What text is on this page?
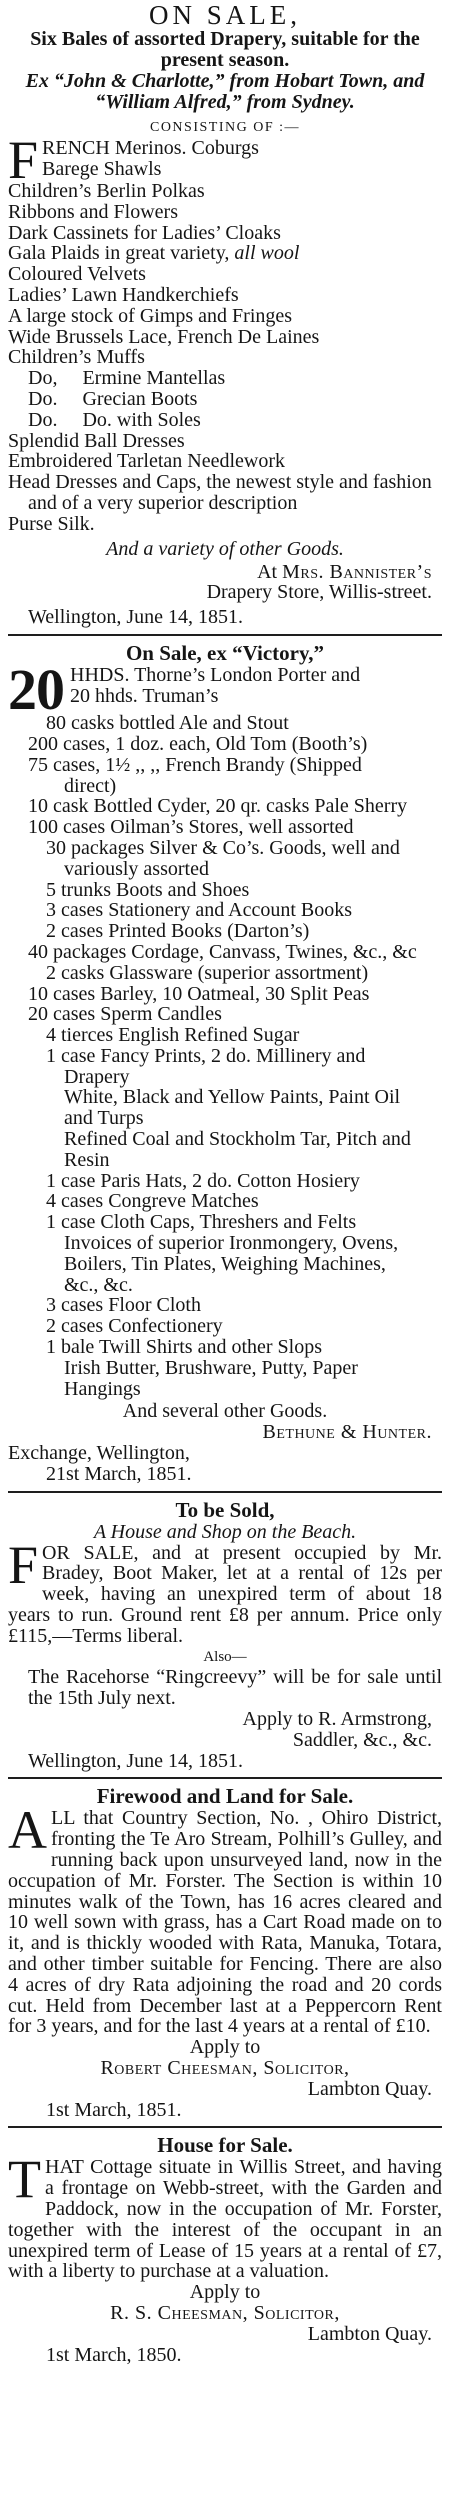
ON SALE,
Six Bales of assorted Drapery, suitable for the present season.
Ex “John & Charlotte,” from Hobart Town, and “William Alfred,” from Sydney.
CONSISTING OF :—
F RENCH Merinos. Coburgs
Barege Shawls
Children’s Berlin Polkas
Ribbons and Flowers
Dark Cassinets for Ladies’ Cloaks
Gala Plaids in great variety, all wool
Coloured Velvets
Ladies’ Lawn Handkerchiefs
A large stock of Gimps and Fringes
Wide Brussels Lace, French De Laines
Children’s Muffs
Do, Ermine Mantellas
Do. Grecian Boots
Do. Do. with Soles
Splendid Ball Dresses
Embroidered Tarletan Needlework
Head Dresses and Caps, the newest style and fashion and of a very superior description
Purse Silk.
And a variety of other Goods.
At Mrs. Bannister’s
Drapery Store, Willis-street.
Wellington, June 14, 1851.
On Sale, ex “Victory,”
20 HHDS. Thorne’s London Porter and
20 hhds. Truman’s
80 casks bottled Ale and Stout
200 cases, 1 doz. each, Old Tom (Booth’s)
75 cases, 1½ ,, ,, French Brandy (Shipped
direct)
10 cask Bottled Cyder, 20 qr. casks Pale Sherry
100 cases Oilman’s Stores, well assorted
30 packages Silver & Co’s. Goods, well and
variously assorted
5 trunks Boots and Shoes
3 cases Stationery and Account Books
2 cases Printed Books (Darton’s)
40 packages Cordage, Canvass, Twines, &c., &c
2 casks Glassware (superior assortment)
10 cases Barley, 10 Oatmeal, 30 Split Peas
20 cases Sperm Candles
4 tierces English Refined Sugar
1 case Fancy Prints, 2 do. Millinery and
Drapery
White, Black and Yellow Paints, Paint Oil
and Turps
Refined Coal and Stockholm Tar, Pitch and
Resin
1 case Paris Hats, 2 do. Cotton Hosiery
4 cases Congreve Matches
1 case Cloth Caps, Threshers and Felts
Invoices of superior Ironmongery, Ovens,
Boilers, Tin Plates, Weighing Machines,
&c., &c.
3 cases Floor Cloth
2 cases Confectionery
1 bale Twill Shirts and other Slops
Irish Butter, Brushware, Putty, Paper
Hangings
And several other Goods.
Bethune & Hunter.
Exchange, Wellington,
21st March, 1851.
To be Sold,
A House and Shop on the Beach.
FOR SALE, and at present occupied by Mr. Bradey, Boot Maker, let at a rental of 12s per week, having an unexpired term of about 18 years to run. Ground rent £8 per annum. Price only £115,—Terms liberal.
Also—
The Racehorse “Ringcreevy” will be for sale until the 15th July next.
Apply to R. Armstrong,
Saddler, &c., &c.
Wellington, June 14, 1851.
Firewood and Land for Sale.
ALL that Country Section, No. , Ohiro District, fronting the Te Aro Stream, Polhill’s Gulley, and running back upon unsurveyed land, now in the occupation of Mr. Forster. The Section is within 10 minutes walk of the Town, has 16 acres cleared and 10 well sown with grass, has a Cart Road made on to it, and is thickly wooded with Rata, Manuka, Totara, and other timber suitable for Fencing. There are also 4 acres of dry Rata adjoining the road and 20 cords cut. Held from December last at a Peppercorn Rent for 3 years, and for the last 4 years at a rental of £10.
Apply to
Robert Cheesman, Solicitor,
Lambton Quay.
1st March, 1851.
House for Sale.
THAT Cottage situate in Willis Street, and having a frontage on Webb-street, with the Garden and Paddock, now in the occupation of Mr. Forster, together with the interest of the occupant in an unexpired term of Lease of 15 years at a rental of £7, with a liberty to purchase at a valuation.
Apply to
R. S. Cheesman, Solicitor,
Lambton Quay.
1st March, 1850.
